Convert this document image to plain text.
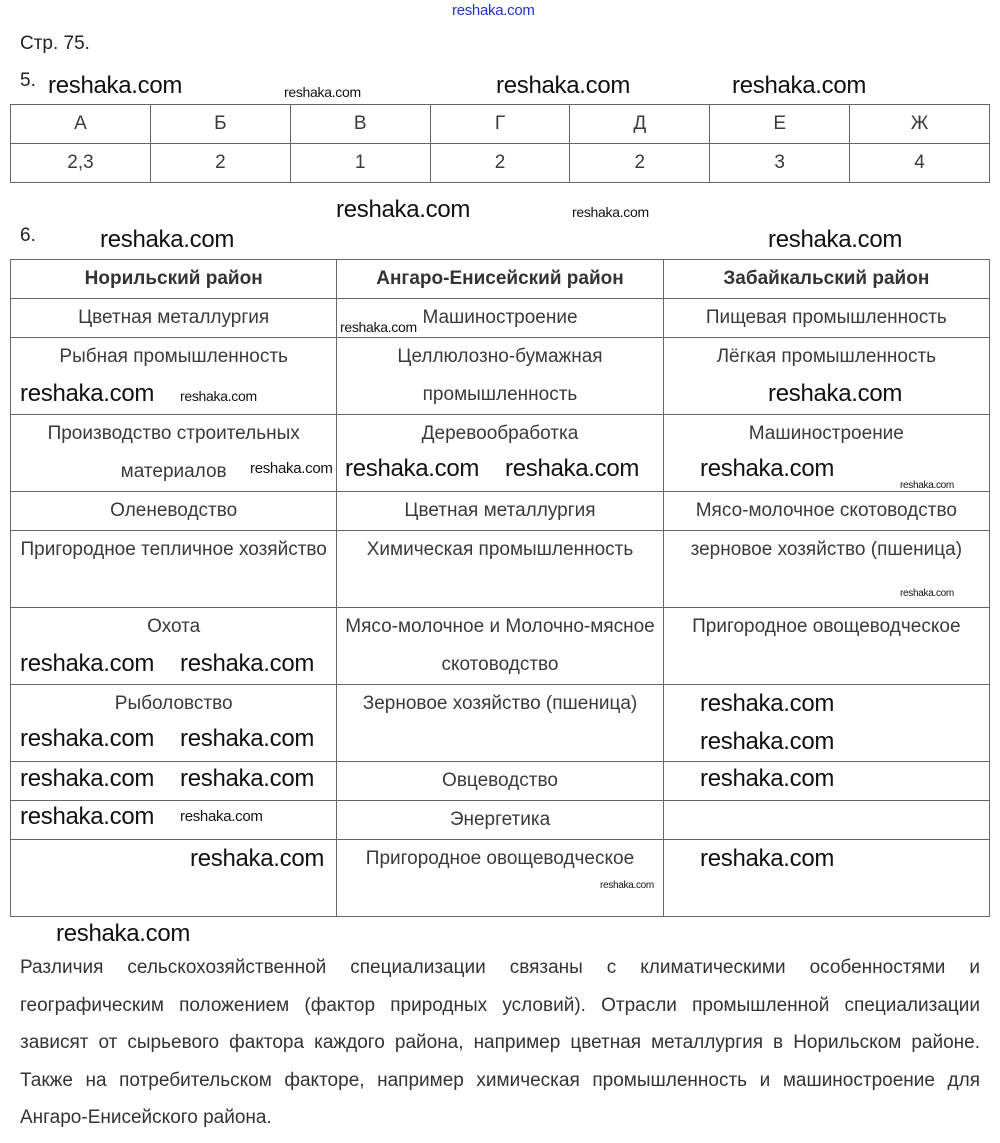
Стр. 75.
5.
А	Б	В	Г	Д	Е	Ж
2,3	2	1	2	2	3	4
6.
Норильский район	Ангаро-Енисейский район	Забайкальский район
Цветная металлургия	Машиностроение	Пищевая промышленность
Рыбная промышленность	Целлюлозно-бумажная промышленность	Лёгкая промышленность
Производство строительных материалов	Деревообработка	Машиностроение
Оленеводство	Цветная металлургия	Мясо-молочное скотоводство
Пригородное тепличное хозяйство	Химическая промышленность	зерновое хозяйство (пшеница)
Охота	Мясо-молочное и Молочно-мясное скотоводство	Пригородное овощеводческое
Рыболовство	Зерновое хозяйство (пшеница)	
	Овцеводство	
	Энергетика	
	Пригородное овощеводческое	
Различия сельскохозяйственной специализации связаны с климатическими особенностями и географическим положением (фактор природных условий). Отрасли промышленной специализации зависят от сырьевого фактора каждого района, например цветная металлургия в Норильском районе. Также на потребительском факторе, например химическая промышленность и машиностроение для Ангаро-Енисейского района.
reshaka.com
reshaka.com	reshaka.com	reshaka.com	reshaka.com
reshaka.com	reshaka.com
reshaka.com	reshaka.com
reshaka.com
reshaka.com reshaka.com	reshaka.com
reshaka.com reshaka.com	reshaka.com
reshaka.com
reshaka.com
reshaka.com
reshaka.com reshaka.com
reshaka.com
reshaka.com
reshaka.com reshaka.com
reshaka.com reshaka.com	reshaka.com
reshaka.com reshaka.com
reshaka.com
reshaka.com
reshaka.com
reshaka.com
